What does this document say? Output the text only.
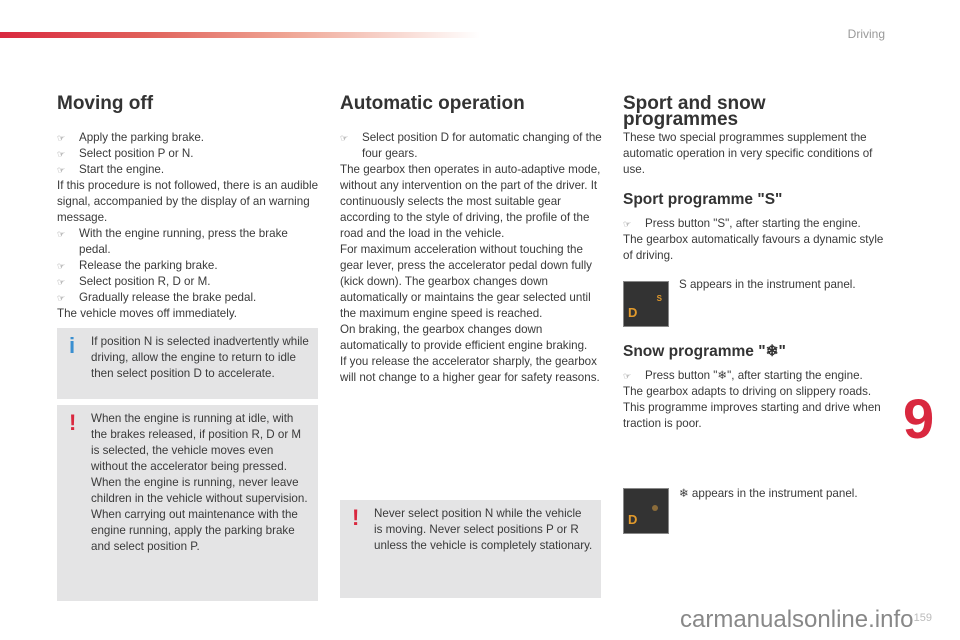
Driving
Moving off

☞ Apply the parking brake.

☞ Select position P or N.

☞ Start the engine.

If this procedure is not followed, there is an audible signal, accompanied by the display of an warning message.

☞ With the engine running, press the brake pedal.

☞ Release the parking brake.

☞ Select position R, D or M.

☞ Gradually release the brake pedal.

The vehicle moves off immediately.

i If position N is selected inadvertently while driving, allow the engine to return to idle then select position D to accelerate.
! When the engine is running at idle, with the brakes released, if position R, D or M is selected, the vehicle moves even without the accelerator being pressed. When the engine is running, never leave children in the vehicle without supervision. When carrying out maintenance with the engine running, apply the parking brake and select position P.
Automatic operation

☞ Select position D for automatic changing of the four gears.

The gearbox then operates in auto-adaptive mode, without any intervention on the part of the driver. It continuously selects the most suitable gear according to the style of driving, the profile of the road and the load in the vehicle.

For maximum acceleration without touching the gear lever, press the accelerator pedal down fully (kick down). The gearbox changes down automatically or maintains the gear selected until the maximum engine speed is reached.

On braking, the gearbox changes down automatically to provide efficient engine braking.

If you release the accelerator sharply, the gearbox will not change to a higher gear for safety reasons.

! Never select position N while the vehicle is moving. Never select positions P or R unless the vehicle is completely stationary.
Sport and snow programmes

These two special programmes supplement the automatic operation in very specific conditions of use.

Sport programme "S"

☞ Press button "S", after starting the engine.

The gearbox automatically favours a dynamic style of driving.

D
S

S appears in the instrument panel.

Snow programme "❄"

☞ Press button "❄", after starting the engine.

The gearbox adapts to driving on slippery roads.

This programme improves starting and drive when traction is poor.

D

❄ appears in the instrument panel.

9
159
carmanualsonline.info
